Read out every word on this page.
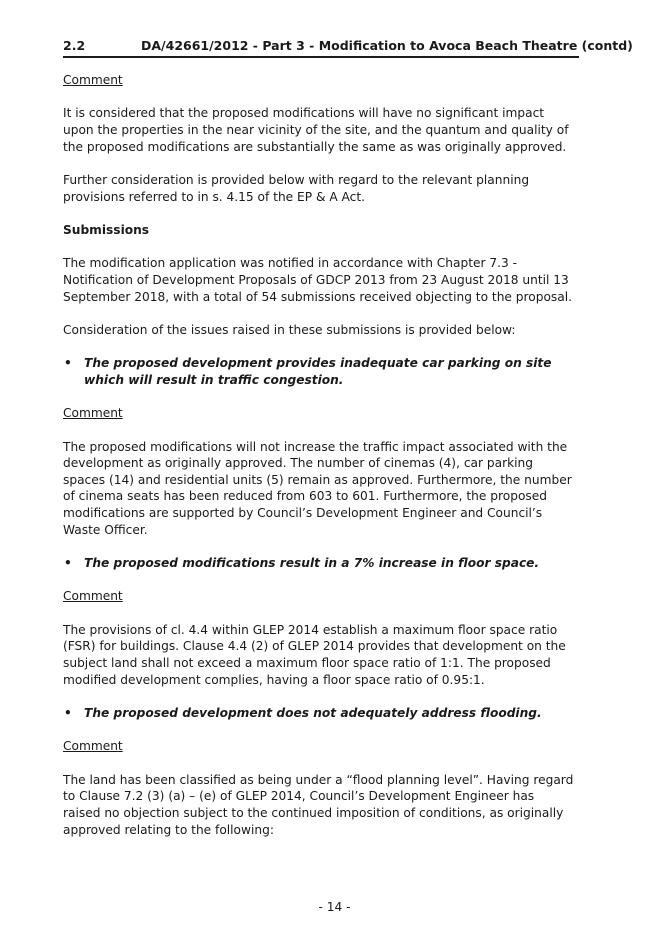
2.2	DA/42661/2012 - Part 3 - Modification to Avoca Beach Theatre (contd)

Comment

It is considered that the proposed modifications will have no significant impact upon the properties in the near vicinity of the site, and the quantum and quality of the proposed modifications are substantially the same as was originally approved.

Further consideration is provided below with regard to the relevant planning provisions referred to in s. 4.15 of the EP & A Act.

Submissions

The modification application was notified in accordance with Chapter 7.3 - Notification of Development Proposals of GDCP 2013 from 23 August 2018 until 13 September 2018, with a total of 54 submissions received objecting to the proposal.

Consideration of the issues raised in these submissions is provided below:

• The proposed development provides inadequate car parking on site which will result in traffic congestion.

Comment

The proposed modifications will not increase the traffic impact associated with the development as originally approved. The number of cinemas (4), car parking spaces (14) and residential units (5) remain as approved. Furthermore, the number of cinema seats has been reduced from 603 to 601. Furthermore, the proposed modifications are supported by Council’s Development Engineer and Council’s Waste Officer.

• The proposed modifications result in a 7% increase in floor space.

Comment

The provisions of cl. 4.4 within GLEP 2014 establish a maximum floor space ratio (FSR) for buildings. Clause 4.4 (2) of GLEP 2014 provides that development on the subject land shall not exceed a maximum floor space ratio of 1:1. The proposed modified development complies, having a floor space ratio of 0.95:1.

• The proposed development does not adequately address flooding.

Comment

The land has been classified as being under a “flood planning level”. Having regard to Clause 7.2 (3) (a) – (e) of GLEP 2014, Council’s Development Engineer has raised no objection subject to the continued imposition of conditions, as originally approved relating to the following:

- 14 -
